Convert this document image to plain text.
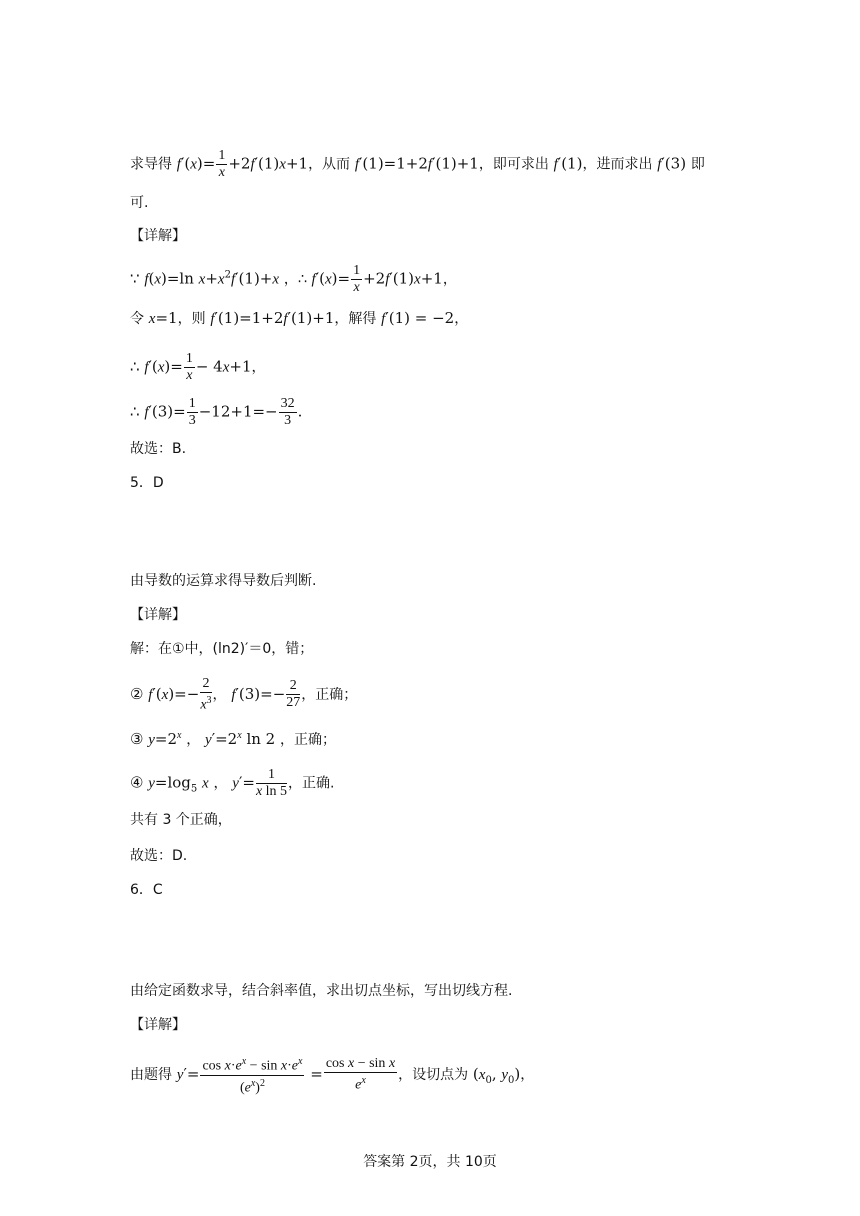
求导得 $f'(x)= \frac{1}{x} +2f'(1)x+1$，从而 f′(1)=1+2f′(1)+1，即可求出 f′(1)，进而求出 f′(3) 即
可.
【详解】
∵ f(x)=ln $x+x^2f'(1)+x$ ，∴ $f'(x)= \frac{1}{x} +2f'(1)x+1$，
令 x=1，则 f′(1)=1+2f′(1)+1，解得 f′(1) = −2，
∴ $f'(x)= \frac{1}{x} - 4x+1$，
∴ $f'(3)= \frac{1}{3} -12+1=- \frac{32}{3}$ .
故选：B.
5．D
由导数的运算求得导数后判断.
【详解】
解：在①中，(ln2)′＝0，错；
② $f'(x)=- \frac{2}{x^3}$ ， $f'(3)=- \frac{2}{27}$ ，正确；
③ $y=2^x$ ， $y'=2^x$ ln 2 ，正确；
④ $y=\log_5$ x ， $y'= \frac{1}{\text{x ln 5}}$ ，正确.
共有 3 个正确，
故选：D.
6．C
由给定函数求导，结合斜率值，求出切点坐标，写出切线方程.
【详解】
由题得 $y'= \frac{\cos x\cdot e^x - \sin x\cdot e^x}{(e^x)^2} = \frac{\text{cos x − sin x}}{e^x}$ ，设切点为 ($x_0$, $y_0$)，
答案第 2页，共 10页
